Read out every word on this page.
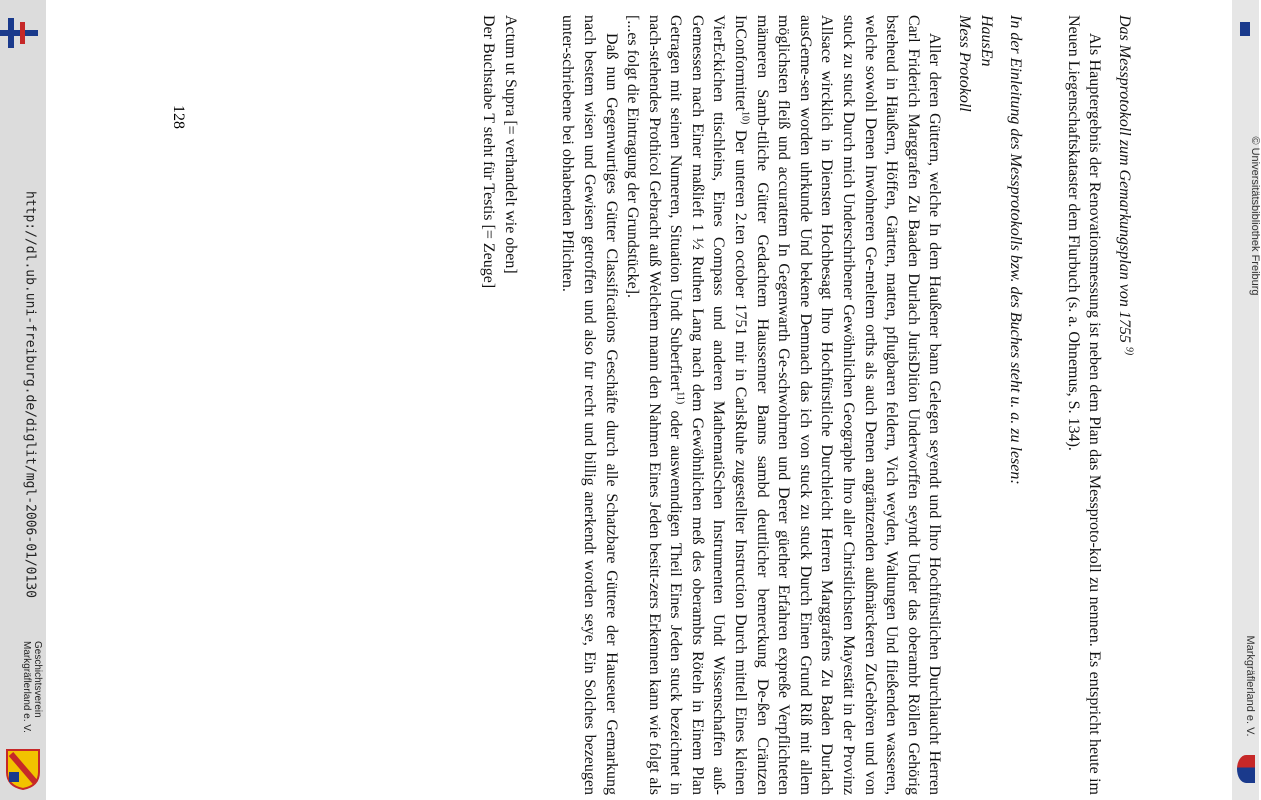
http://dl.ub.uni-freiburg.de/diglit/mgl-2006-01/0130
Geschichtsverein
Markgräflerland e. V.
© Universitätsbibliothek Freiburg
Markgräflerland e. V.

Das Messprotokoll zum Gemarkungsplan von 1755 $^{9)}$

Als Hauptergebnis der Renovationsmessung ist neben dem Plan das Messproto-koll zu nennen. Es entspricht heute im Neuen Liegenschaftskataster dem Flurbuch (s. a. Ohnemus, S. 134).

In der Einleitung des Messprotokolls bzw. des Buches steht u. a. zu lesen:

HausEn

Mess Protokoll

Aller deren Güttern, welche In dem Haußener bann Gelegen seyendt und Ihro Hochfürstlichen Durchlaucht Herren Carl Friderich Marggrafen Zu Baaden Durlach JurisDition Underworffen seyndt Under das oberambt Röllen Gehörig bsteheud in Häußern, Höffen, Gärtten, matten, pflugbaren feldern, Vich weyden, Waltungen Und fließenden wasseren, welche sowohl Denen Inwohneren Ge-meltem orths als auch Denen angräntzenden außmärckeren ZuGehören und von stuck zu stuck Durch mich Underschribener Gewöhnlichen Geographe Ihro aller Christlichsten Mayestätt in der Provinz Allsace wircklich in Diensten Hochbesagt Ihro Hochfürstliche Durchleicht Herren Marggrafens Zu Baden Durlach ausGeme-sen worden uhrkunde Und bekene Demnach das ich von stuck zu stuck Durch Einen Grund Riß mit allem möglichsten fleiß und accurattem In Gegenwarth Ge-schwohrnen und Derer güether Erfahren expreße Verpflichteten männeren Samb-ttliche Gütter Gedachtem Haussenner Banns sambd deuttlicher bemerckung De-ßen Cräntzen InConformittet$^{10)}$ Der unteren 2.ten october 1751 mir in CarlsRuhe zugestellter Instruction Durch mittell Eines kleinen VierEckichen ttischleins, Eines Compass und anderen MathematiSchen Instrumenten Undt Wissenschaffen auß-Gemessen nach Einer maßlieft 1 ½ Ruthen Lang nach dem Gewöhnlichen meß des oberambts Röteln in Einem Plan Getragen mit seinen Numeren, Situation Undt Suberfiert$^{11)}$ oder auswenndigen Theil Eines Jeden stuck bezeichnet in nach-stehendes Prothicol Gebracht auß Welchem mann den Nahmen Eines Jeden besitt-zers Erkennen kann wie folgt als [...es folgt die Eintragung der Grundstücke].

Daß nun Gegenwurtiges Gütter Classifications Geschäfte durch alle Schatzbare Güttere der Hauseuer Gemarkung nach bestem wisen und Gewisen getroffen und also fur recht und billig anerkendt worden seye, Ein Solches bezeugen unter-schriebene bei obhabenden Pflichten.

Actum ut Supra [= verhandelt wie oben]

Der Buchstabe T steht für Testis [= Zeuge]

128
